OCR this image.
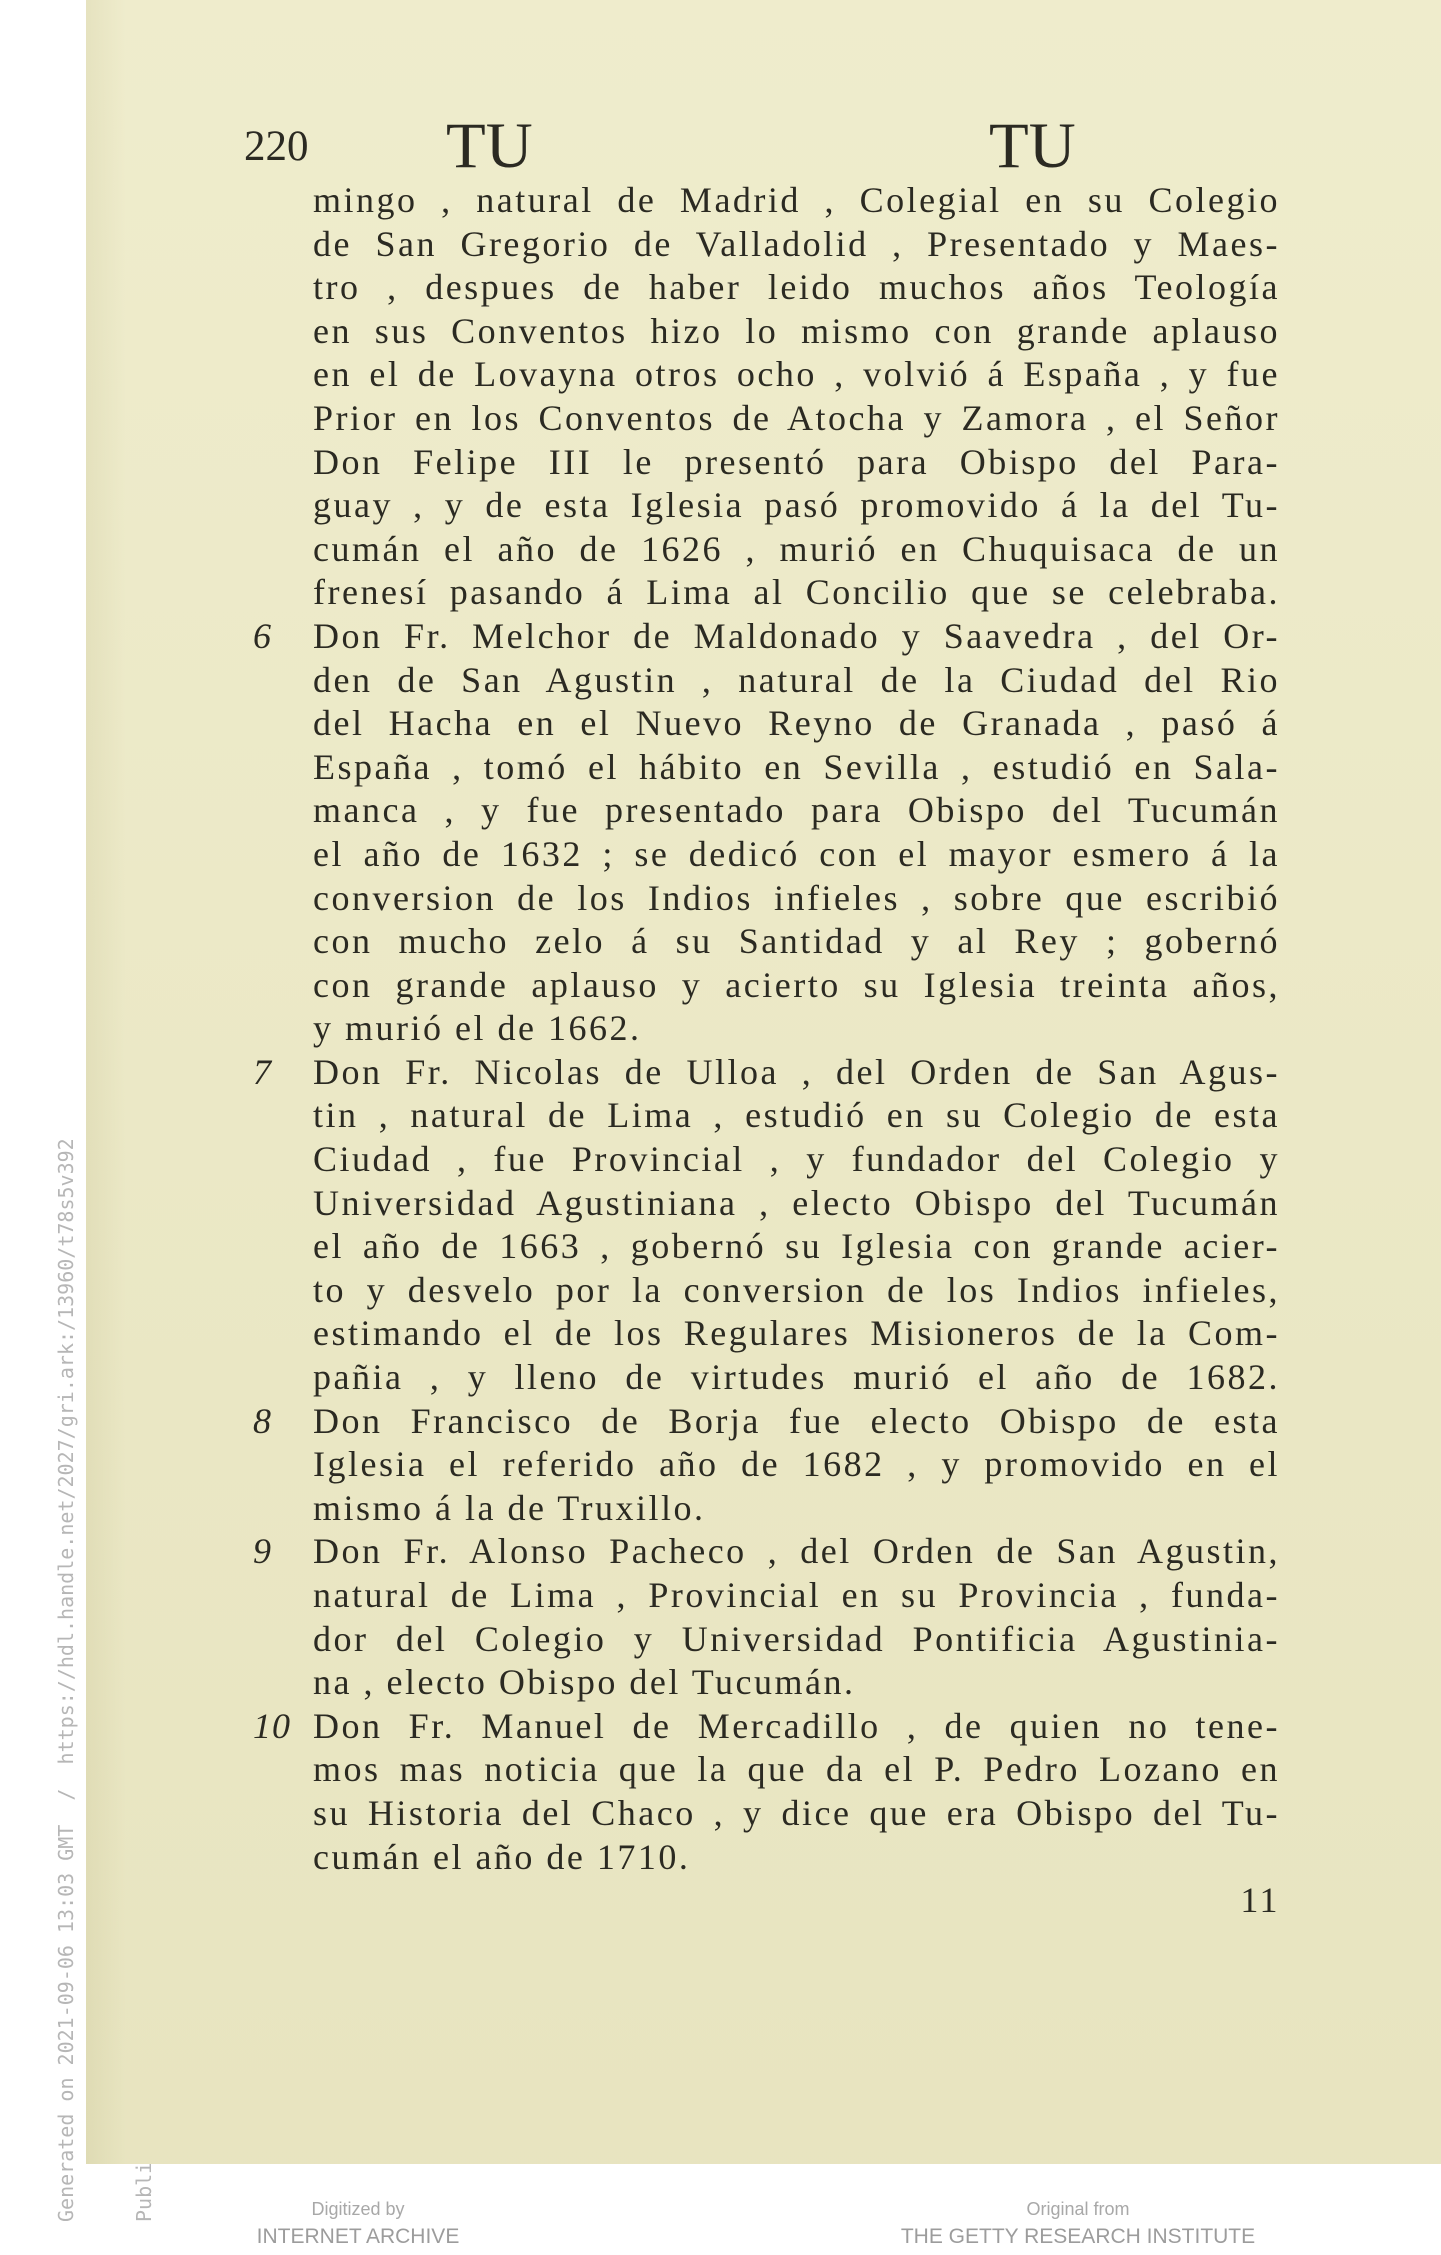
Generated on 2021-09-06 13:03 GMT  /  https://hdl.handle.net/2027/gri.ark:/13960/t78s5v392

220 TU	TU
mingo , natural de Madrid , Colegial en su Colegio
de San Gregorio de Valladolid , Presentado y Maes-
tro , despues de haber leido muchos años Teología
en sus Conventos hizo lo mismo con grande aplauso
en el de Lovayna otros ocho , volvió á España , y fue
Prior en los Conventos de Atocha y Zamora , el Señor
Don Felipe III le presentó para Obispo del Para-
guay , y de esta Iglesia pasó promovido á la del Tu-
cumán el año de 1626 , murió en Chuquisaca de un
frenesí pasando á Lima al Concilio que se celebraba.
6 Don Fr. Melchor de Maldonado y Saavedra , del Or-
den de San Agustin , natural de la Ciudad del Rio
del Hacha en el Nuevo Reyno de Granada , pasó á
España , tomó el hábito en Sevilla , estudió en Sala-
manca , y fue presentado para Obispo del Tucumán
el año de 1632 ; se dedicó con el mayor esmero á la
conversion de los Indios infieles , sobre que escribió
con mucho zelo á su Santidad y al Rey ; gobernó
con grande aplauso y acierto su Iglesia treinta años,
y murió el de 1662.
7 Don Fr. Nicolas de Ulloa , del Orden de San Agus-
tin , natural de Lima , estudió en su Colegio de esta
Ciudad , fue Provincial , y fundador del Colegio y
Universidad Agustiniana , electo Obispo del Tucumán
el año de 1663 , gobernó su Iglesia con grande acier-
to y desvelo por la conversion de los Indios infieles,
estimando el de los Regulares Misioneros de la Com-
pañia , y lleno de virtudes murió el año de 1682.
8 Don Francisco de Borja fue electo Obispo de esta
Iglesia el referido año de 1682 , y promovido en el
mismo á la de Truxillo.
9 Don Fr. Alonso Pacheco , del Orden de San Agustin,
natural de Lima , Provincial en su Provincia , funda-
dor del Colegio y Universidad Pontificia Agustinia-
na , electo Obispo del Tucumán.
10 Don Fr. Manuel de Mercadillo , de quien no tene-
mos mas noticia que la que da el P. Pedro Lozano en
su Historia del Chaco , y dice que era Obispo del Tu-
cumán el año de 1710.
11
Digitized by
INTERNET ARCHIVE
Original from
THE GETTY RESEARCH INSTITUTE
